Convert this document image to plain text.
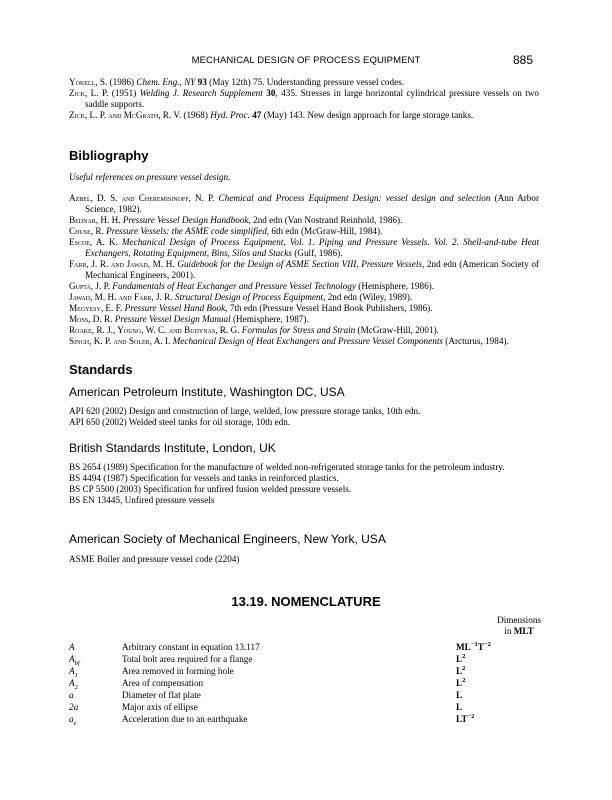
MECHANICAL DESIGN OF PROCESS EQUIPMENT	885

Yokell, S. (1986) Chem. Eng., NY 93 (May 12th) 75. Understanding pressure vessel codes.

Zick, L. P. (1951) Welding J. Research Supplement 30, 435. Stresses in large horizontal cylindrical pressure vessels on two saddle supports.

Zick, L. P. and McGrath, R. V. (1968) Hyd. Proc. 47 (May) 143. New design approach for large storage tanks.

Bibliography
Useful references on pressure vessel design.

Azbel, D. S. and Cheremisinoff, N. P. Chemical and Process Equipment Design: vessel design and selection (Ann Arbor Science, 1982).

Bednar, H. H. Pressure Vessel Design Handbook, 2nd edn (Van Nostrand Reinhold, 1986).

Chuse, R. Pressure Vessels: the ASME code simplified, 6th edn (McGraw-Hill, 1984).

Escoe, A. K. Mechanical Design of Process Equipment, Vol. 1. Piping and Pressure Vessels. Vol. 2. Shell-and-tube Heat Exchangers, Rotating Equipment, Bins, Silos and Stacks (Gulf, 1986).

Farr, J. R. and Jawad, M. H. Guidebook for the Design of ASME Section VIII, Pressure Vessels, 2nd edn (American Society of Mechanical Engineers, 2001).

Gupta, J. P. Fundamentals of Heat Exchanger and Pressure Vessel Technology (Hemisphere, 1986).

Jawad, M. H. and Farr, J. R. Structural Design of Process Equipment, 2nd edn (Wiley, 1989).

Megyesy, E. F. Pressure Vessel Hand Book, 7th edn (Pressure Vessel Hand Book Publishers, 1986).

Moss, D. R. Pressure Vessel Design Manual (Hemisphere, 1987).

Roake, R. J., Young, W. C. and Budynas, R. G. Formulas for Stress and Strain (McGraw-Hill, 2001).

Singh, K. P. and Soler, A. I. Mechanical Design of Heat Exchangers and Pressure Vessel Components (Arcturus, 1984).

Standards
American Petroleum Institute, Washington DC, USA

API 620 (2002) Design and construction of large, welded, low pressure storage tanks, 10th edn.

API 650 (2002) Welded steel tanks for oil storage, 10th edn.

British Standards Institute, London, UK

BS 2654 (1989) Specification for the manufacture of welded non-refrigerated storage tanks for the petroleum industry.

BS 4494 (1987) Specification for vessels and tanks in reinforced plastics.

BS CP 5500 (2003) Specification for unfired fusion welded pressure vessels.

BS EN 13445, Unfired pressure vessels

American Society of Mechanical Engineers, New York, USA

ASME Boiler and pressure vessel code (2204)

13.19. NOMENCLATURE
Dimensions
in MLT
A	Arbitrary constant in equation 13.117	$ML^{-1}T^{-2}$
$A_{bf}$	Total bolt area required for a flange	$L^2$
$A_1$	Area removed in forming hole	$L^2$
$A_2$	Area of compensation	$L^2$
a	Diameter of flat plate	L
2a	Major axis of ellipse	L
$a_e$	Acceleration due to an earthquake	$LT^{-2}$
